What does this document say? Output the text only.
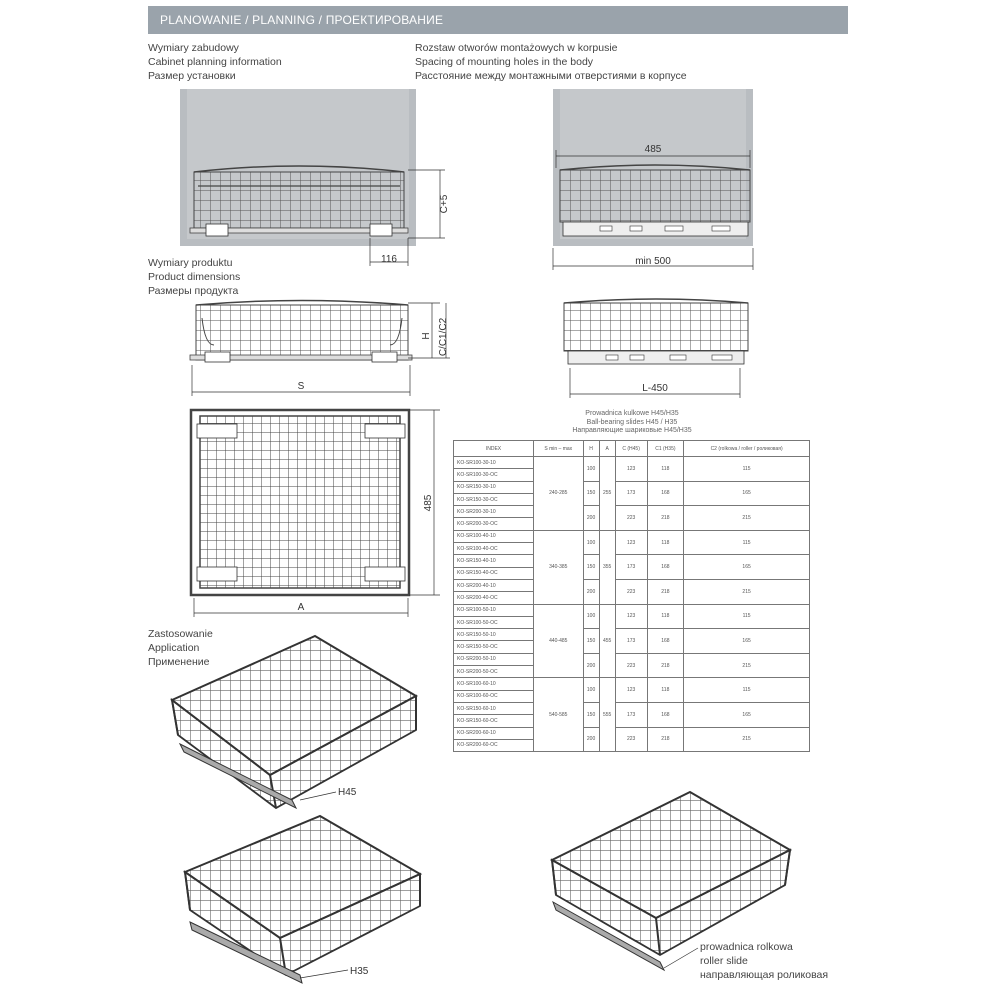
PLANOWANIE / PLANNING / ПРОЕКТИРОВАНИЕ
Wymiary zabudowy
Cabinet planning information
Размер установки
Rozstaw otworów montażowych w korpusie
Spacing of mounting holes in the body
Расстояние между монтажными отверстиями в корпусе
Wymiary produktu
Product dimensions
Размеры продукта
Zastosowanie
Application
Применение
prowadnica rolkowa
roller slide
направляющая роликовая
C+5
116
485
min 500
H C/C1/C2
S	L-450
485
A
H45
H35
Prowadnica kulkowe H45/H35
Ball-bearing slides H45 / H35
Направляющие шариковые H45/H35
INDEX	S min – max	H	A	C (H45)	C1 (H35)	C2 (rolkowa / roller / роликовая)
KO-SR100-30-10	240-285	100	255	123	118	115
KO-SR100-30-OC						
KO-SR150-30-10		150		173	168	165
KO-SR150-30-OC						
KO-SR200-30-10		200		223	218	215
KO-SR200-30-OC						
KO-SR100-40-10	340-385	100	355	123	118	115
KO-SR100-40-OC						
KO-SR150-40-10		150		173	168	165
KO-SR150-40-OC						
KO-SR200-40-10		200		223	218	215
KO-SR200-40-OC						
KO-SR100-50-10	440-485	100	455	123	118	115
KO-SR100-50-OC						
KO-SR150-50-10		150		173	168	165
KO-SR150-50-OC						
KO-SR200-50-10		200		223	218	215
KO-SR200-50-OC						
KO-SR100-60-10	540-585	100	555	123	118	115
KO-SR100-60-OC						
KO-SR150-60-10		150		173	168	165
KO-SR150-60-OC						
KO-SR200-60-10		200		223	218	215
KO-SR200-60-OC						
